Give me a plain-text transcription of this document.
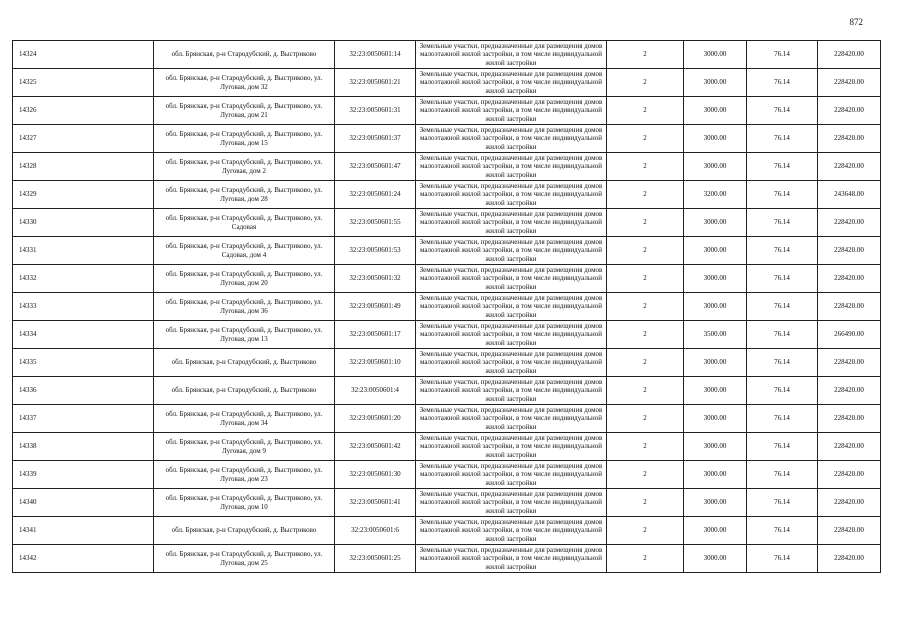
872
14324	обл. Брянская, р-н Стародубский, д. Выстриково	32:23:0050601:14	Земельные участки, предназначенные для размещения домов малоэтажной жилой застройки, в том числе индивидуальной жилой застройки	2	3000.00	76.14	228420.00

14325	обл. Брянская, р-н Стародубский, д. Выстриково, ул. Луговая, дом 32	32:23:0050601:21	Земельные участки, предназначенные для размещения домов малоэтажной жилой застройки, в том числе индивидуальной жилой застройки	2	3000.00	76.14	228420.00

14326	обл. Брянская, р-н Стародубский, д. Выстриково, ул. Луговая, дом 21	32:23:0050601:31	Земельные участки, предназначенные для размещения домов малоэтажной жилой застройки, в том числе индивидуальной жилой застройки	2	3000.00	76.14	228420.00

14327	обл. Брянская, р-н Стародубский, д. Выстриково, ул. Луговая, дом 15	32:23:0050601:37	Земельные участки, предназначенные для размещения домов малоэтажной жилой застройки, в том числе индивидуальной жилой застройки	2	3000.00	76.14	228420.00

14328	обл. Брянская, р-н Стародубский, д. Выстриково, ул. Луговая, дом 2	32:23:0050601:47	Земельные участки, предназначенные для размещения домов малоэтажной жилой застройки, в том числе индивидуальной жилой застройки	2	3000.00	76.14	228420.00

14329	обл. Брянская, р-н Стародубский, д. Выстриково, ул. Луговая, дом 28	32:23:0050601:24	Земельные участки, предназначенные для размещения домов малоэтажной жилой застройки, в том числе индивидуальной жилой застройки	2	3200.00	76.14	243648.00

14330	обл. Брянская, р-н Стародубский, д. Выстриково, ул. Садовая	32:23:0050601:55	Земельные участки, предназначенные для размещения домов малоэтажной жилой застройки, в том числе индивидуальной жилой застройки	2	3000.00	76.14	228420.00

14331	обл. Брянская, р-н Стародубский, д. Выстриково, ул. Садовая, дом 4	32:23:0050601:53	Земельные участки, предназначенные для размещения домов малоэтажной жилой застройки, в том числе индивидуальной жилой застройки	2	3000.00	76.14	228420.00

14332	обл. Брянская, р-н Стародубский, д. Выстриково, ул. Луговая, дом 20	32:23:0050601:32	Земельные участки, предназначенные для размещения домов малоэтажной жилой застройки, в том числе индивидуальной жилой застройки	2	3000.00	76.14	228420.00

14333	обл. Брянская, р-н Стародубский, д. Выстриково, ул. Луговая, дом 36	32:23:0050601:49	Земельные участки, предназначенные для размещения домов малоэтажной жилой застройки, в том числе индивидуальной жилой застройки	2	3000.00	76.14	228420.00

14334	обл. Брянская, р-н Стародубский, д. Выстриково, ул. Луговая, дом 13	32:23:0050601:17	Земельные участки, предназначенные для размещения домов малоэтажной жилой застройки, в том числе индивидуальной жилой застройки	2	3500.00	76.14	266490.00

14335	обл. Брянская, р-н Стародубский, д. Выстриково	32:23:0050601:10	Земельные участки, предназначенные для размещения домов малоэтажной жилой застройки, в том числе индивидуальной жилой застройки	2	3000.00	76.14	228420.00

14336	обл. Брянская, р-н Стародубский, д. Выстриково	32:23:0050601:4	Земельные участки, предназначенные для размещения домов малоэтажной жилой застройки, в том числе индивидуальной жилой застройки	2	3000.00	76.14	228420.00

14337	обл. Брянская, р-н Стародубский, д. Выстриково, ул. Луговая, дом 34	32:23:0050601:20	Земельные участки, предназначенные для размещения домов малоэтажной жилой застройки, в том числе индивидуальной жилой застройки	2	3000.00	76.14	228420.00

14338	обл. Брянская, р-н Стародубский, д. Выстриково, ул. Луговая, дом 9	32:23:0050601:42	Земельные участки, предназначенные для размещения домов малоэтажной жилой застройки, в том числе индивидуальной жилой застройки	2	3000.00	76.14	228420.00

14339	обл. Брянская, р-н Стародубский, д. Выстриково, ул. Луговая, дом 23	32:23:0050601:30	Земельные участки, предназначенные для размещения домов малоэтажной жилой застройки, в том числе индивидуальной жилой застройки	2	3000.00	76.14	228420.00

14340	обл. Брянская, р-н Стародубский, д. Выстриково, ул. Луговая, дом 10	32:23:0050601:41	Земельные участки, предназначенные для размещения домов малоэтажной жилой застройки, в том числе индивидуальной жилой застройки	2	3000.00	76.14	228420.00

14341	обл. Брянская, р-н Стародубский, д. Выстриково	32:23:0050601:6	Земельные участки, предназначенные для размещения домов малоэтажной жилой застройки, в том числе индивидуальной жилой застройки	2	3000.00	76.14	228420.00

14342	обл. Брянская, р-н Стародубский, д. Выстриково, ул. Луговая, дом 25	32:23:0050601:25	Земельные участки, предназначенные для размещения домов малоэтажной жилой застройки, в том числе индивидуальной жилой застройки	2	3000.00	76.14	228420.00
